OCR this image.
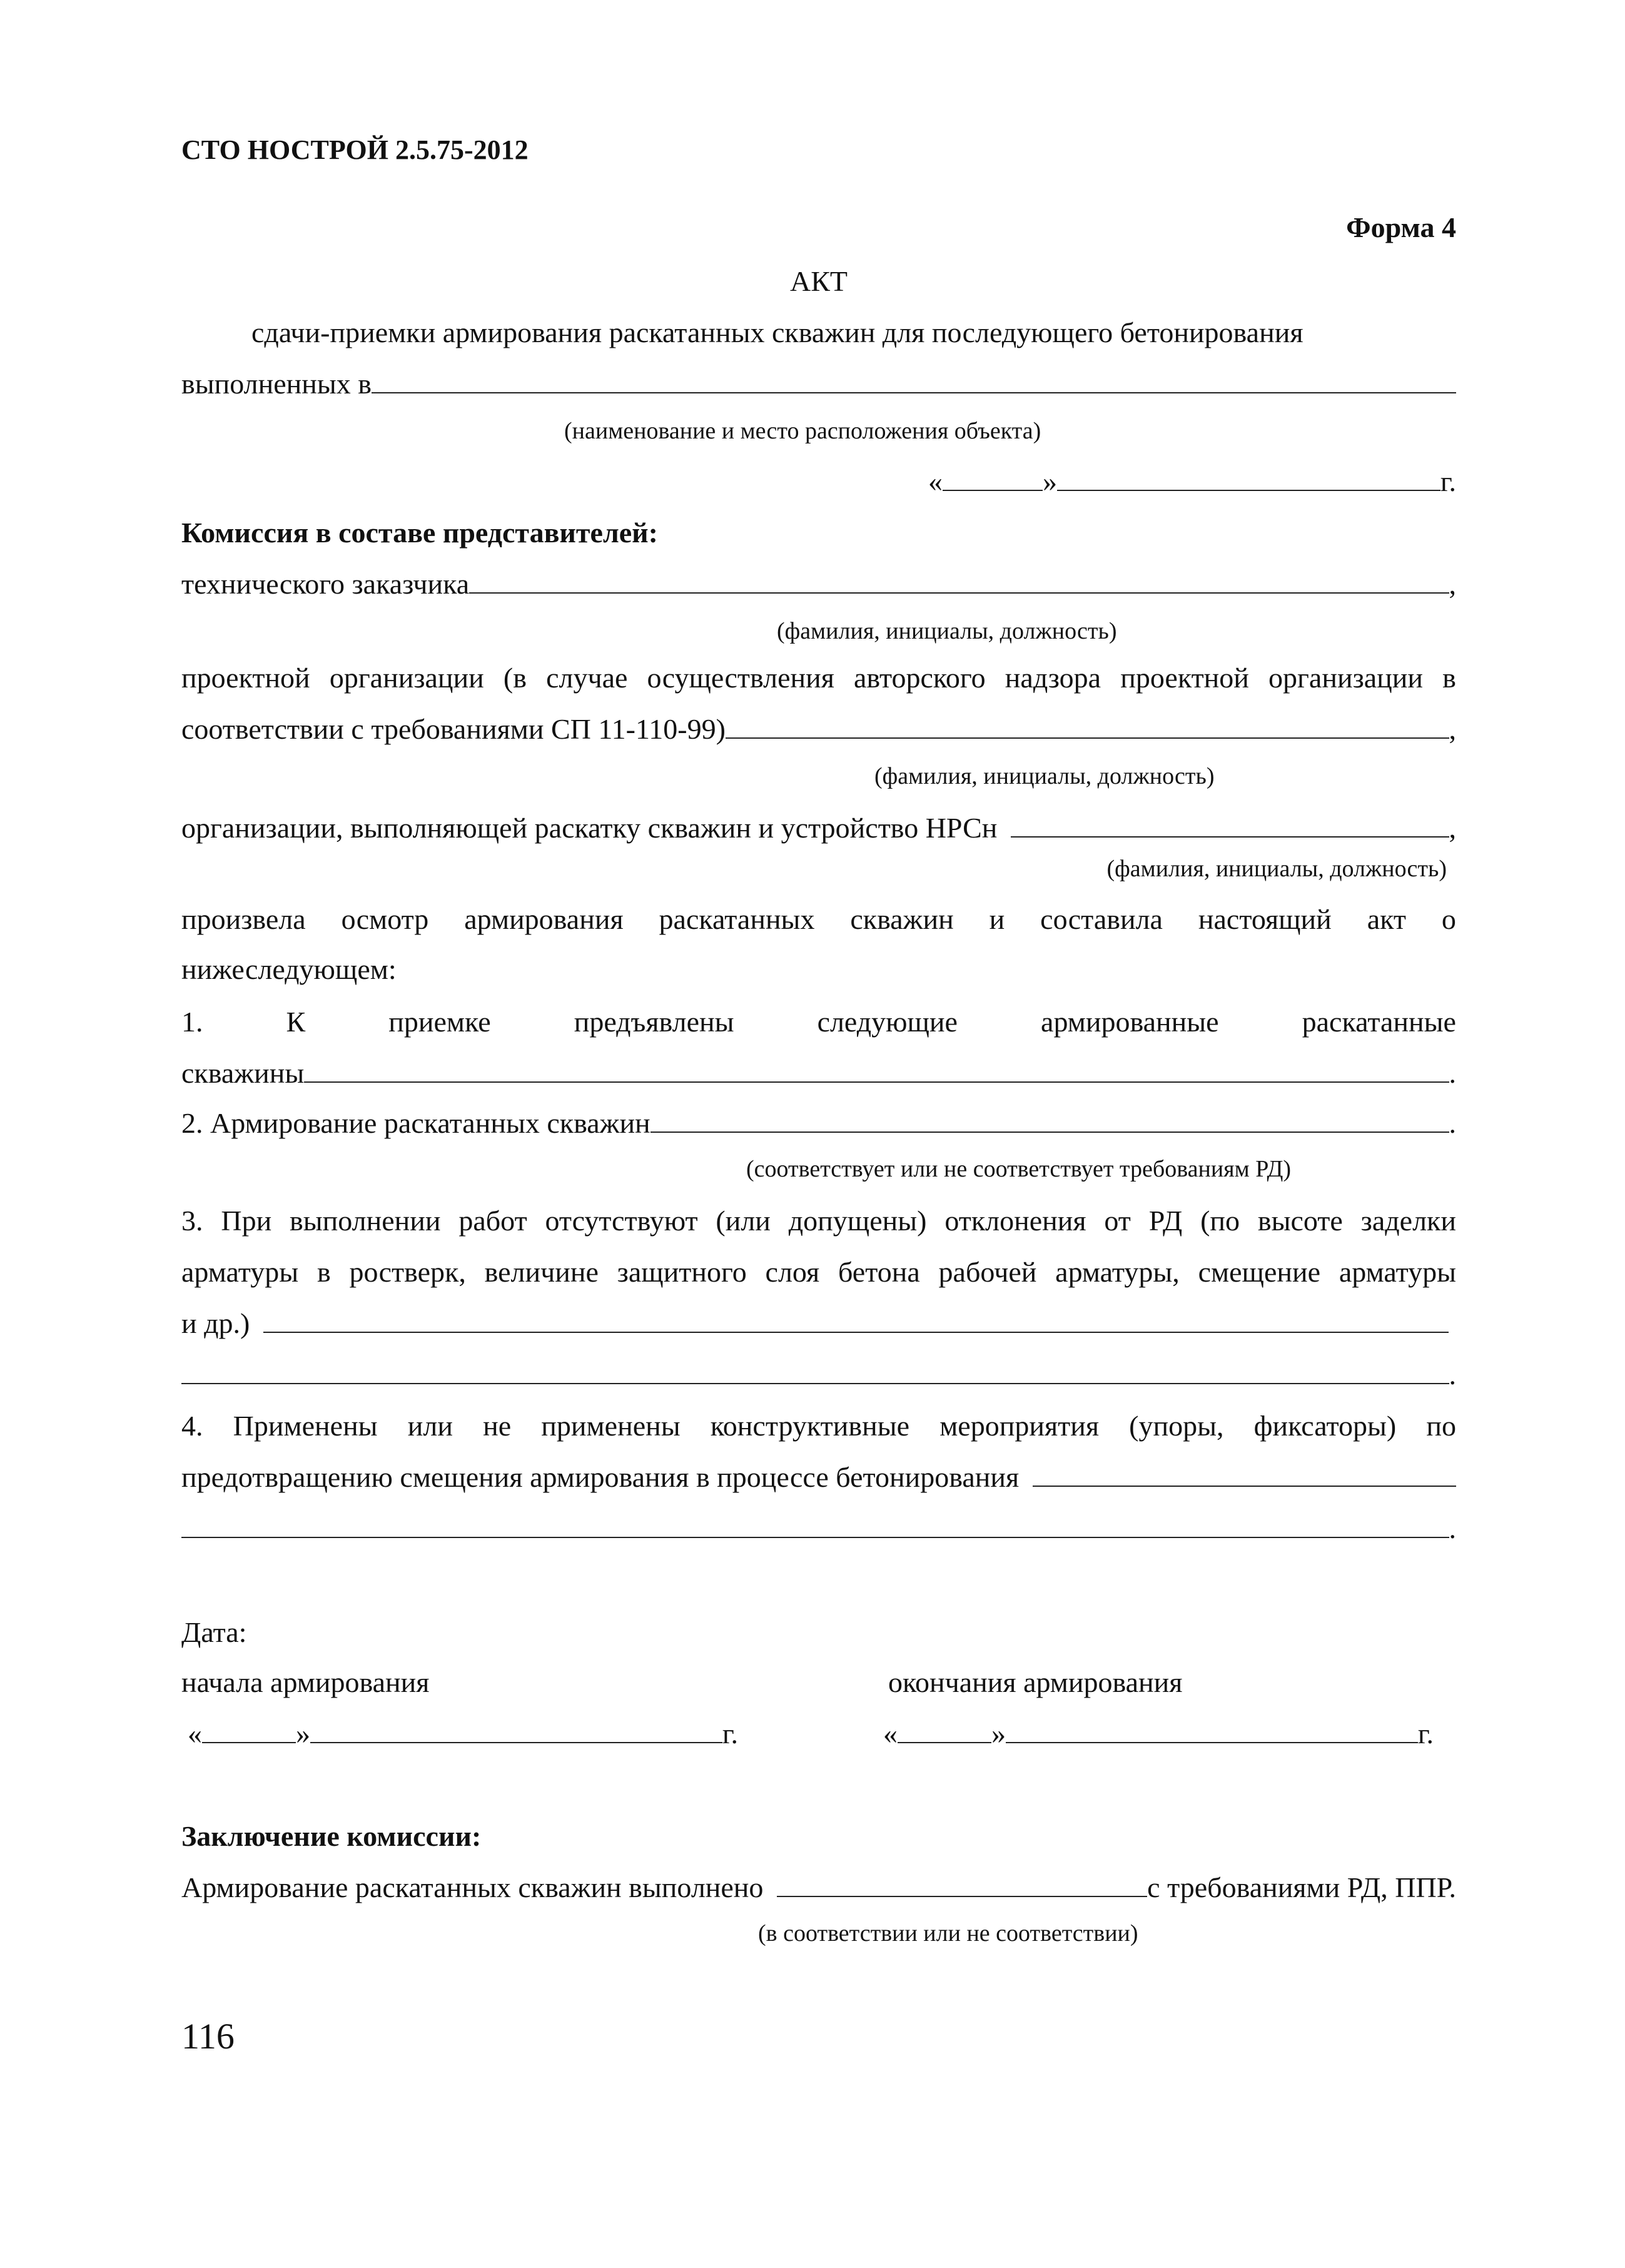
СТО НОСТРОЙ 2.5.75-2012
Форма 4
АКТ
сдачи-приемки армирования раскатанных скважин для последующего бетонирования
выполненных в
(наименование и место расположения объекта)
«	»	г.
Комиссия в составе представителей:
технического заказчика	,
(фамилия, инициалы, должность)
проектной организации (в случае осуществления авторского надзора проектной организации в
соответствии с требованиями СП 11-110-99)	,
(фамилия, инициалы, должность)
организации, выполняющей раскатку скважин и устройство НРСн	,
(фамилия, инициалы, должность)
произвела осмотр армирования раскатанных скважин и составила настоящий акт о
нижеследующем:
1.	К	приемке	предъявлены	следующие	армированные	раскатанные
скважины	.
2. Армирование раскатанных скважин	.
(соответствует или не соответствует требованиям РД)
3. При выполнении работ отсутствуют (или допущены) отклонения от РД (по высоте заделки
арматуры в ростверк, величине защитного слоя бетона рабочей арматуры, смещение арматуры
и др.)
.
4. Применены или не применены конструктивные мероприятия (упоры, фиксаторы) по
предотвращению смещения армирования в процессе бетонирования
.
Дата:
начала армирования	окончания армирования
«	»	г.	«	»	г.
Заключение комиссии:
Армирование раскатанных скважин выполнено	с требованиями РД, ППР.
(в соответствии или не соответствии)
116
